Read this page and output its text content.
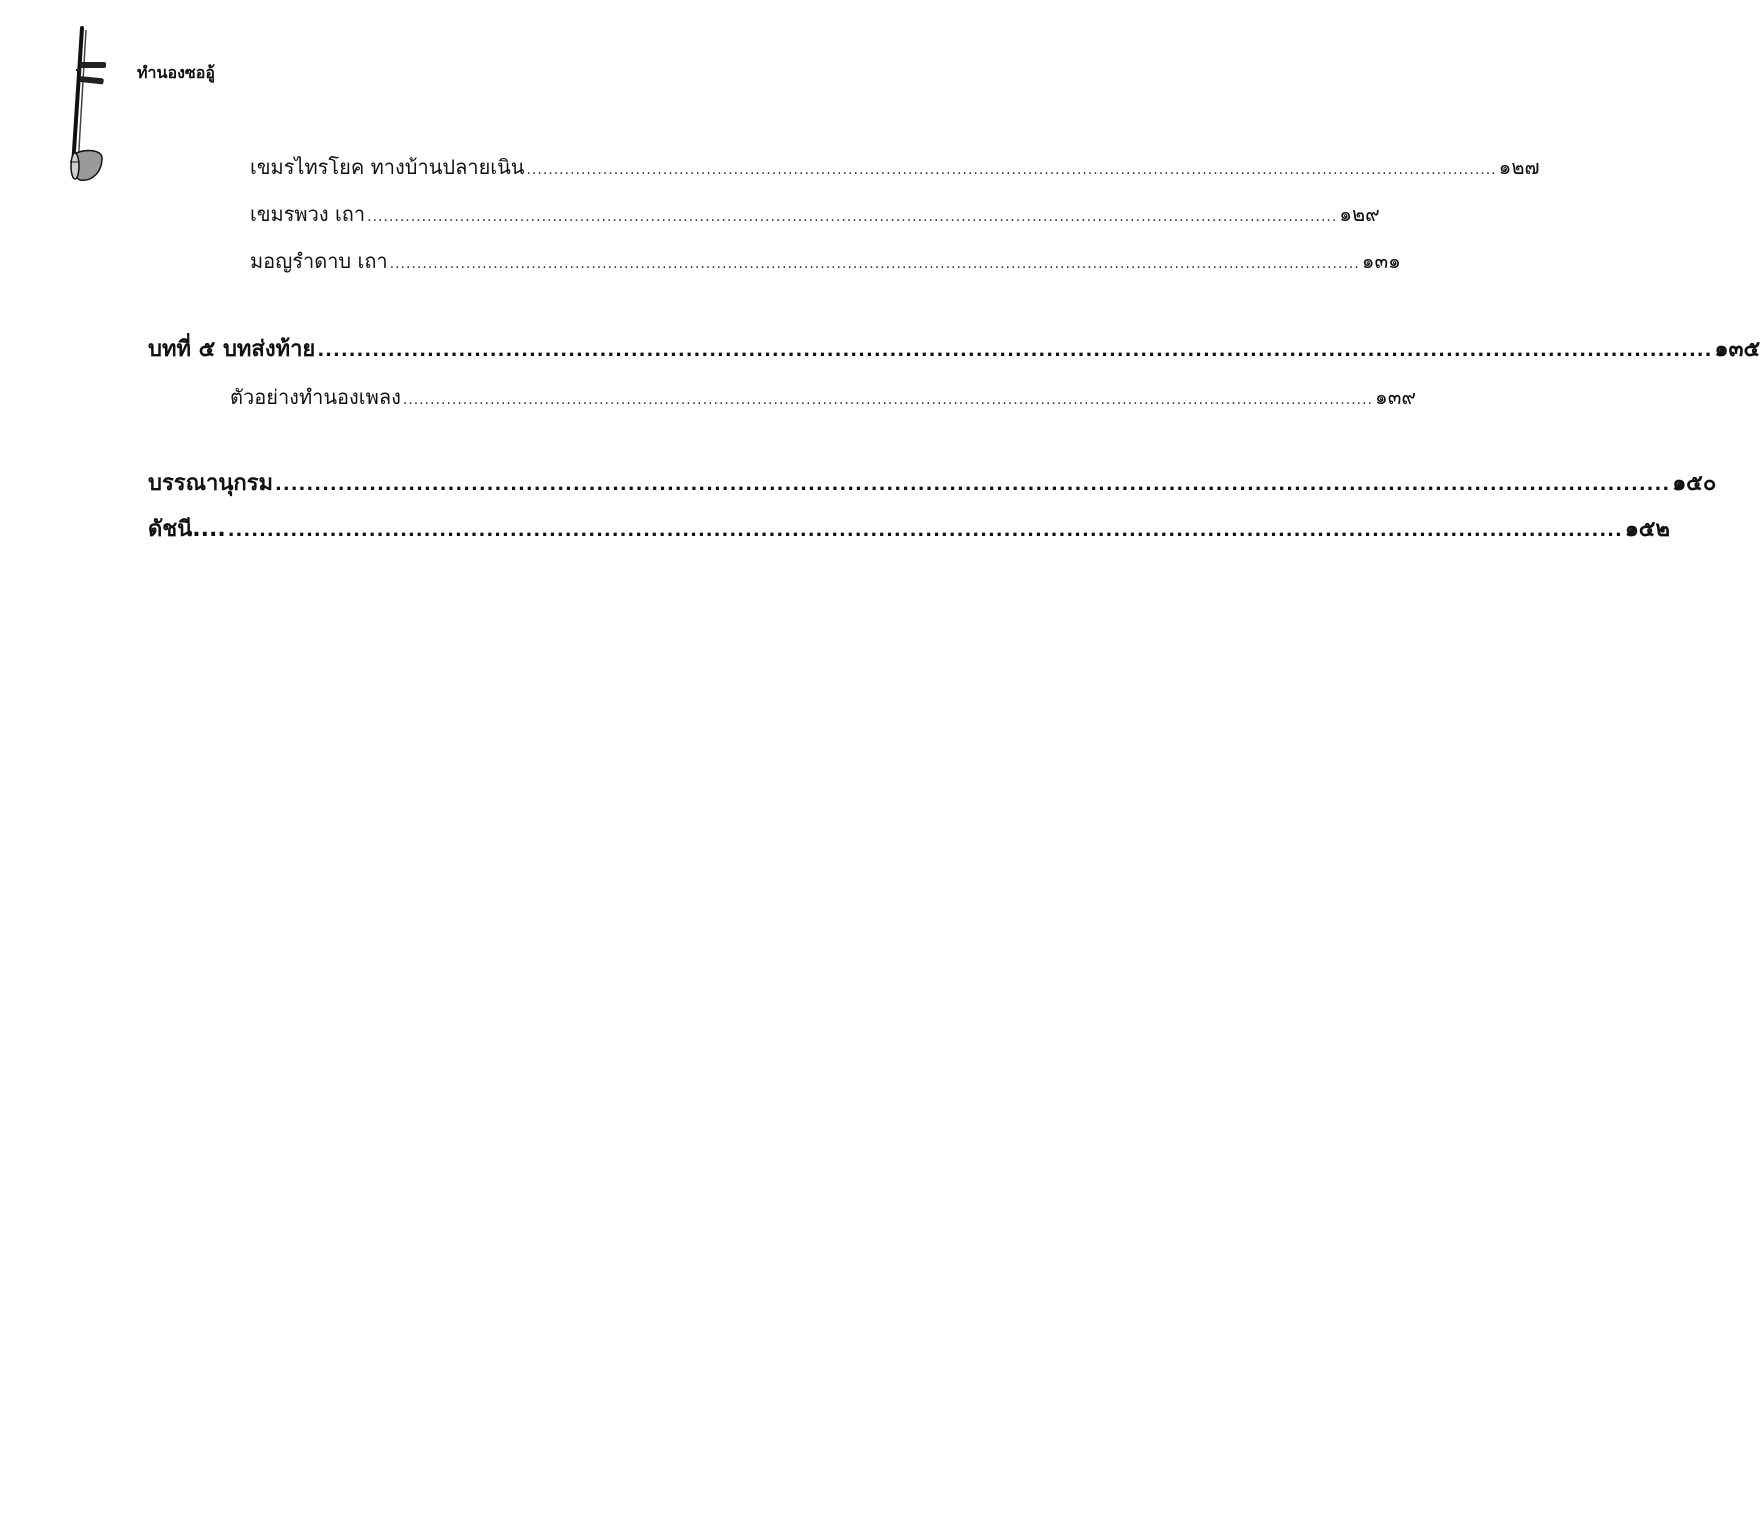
ทำนองซออู้
เขมรไทรโยค ทางบ้านปลายเนิน .................................................................................................................................................................................. ๑๒๗
เขมรพวง เถา .................................................................................................................................................................................. ๑๒๙
มอญรำดาบ เถา .................................................................................................................................................................................. ๑๓๑
บทที่ ๕ บทส่งท้าย .................................................................................................................................................................................. ๑๓๕
ตัวอย่างทำนองเพลง .................................................................................................................................................................................. ๑๓๙
บรรณานุกรม .................................................................................................................................................................................. ๑๕๐
ดัชนี.... .................................................................................................................................................................................. ๑๕๒
